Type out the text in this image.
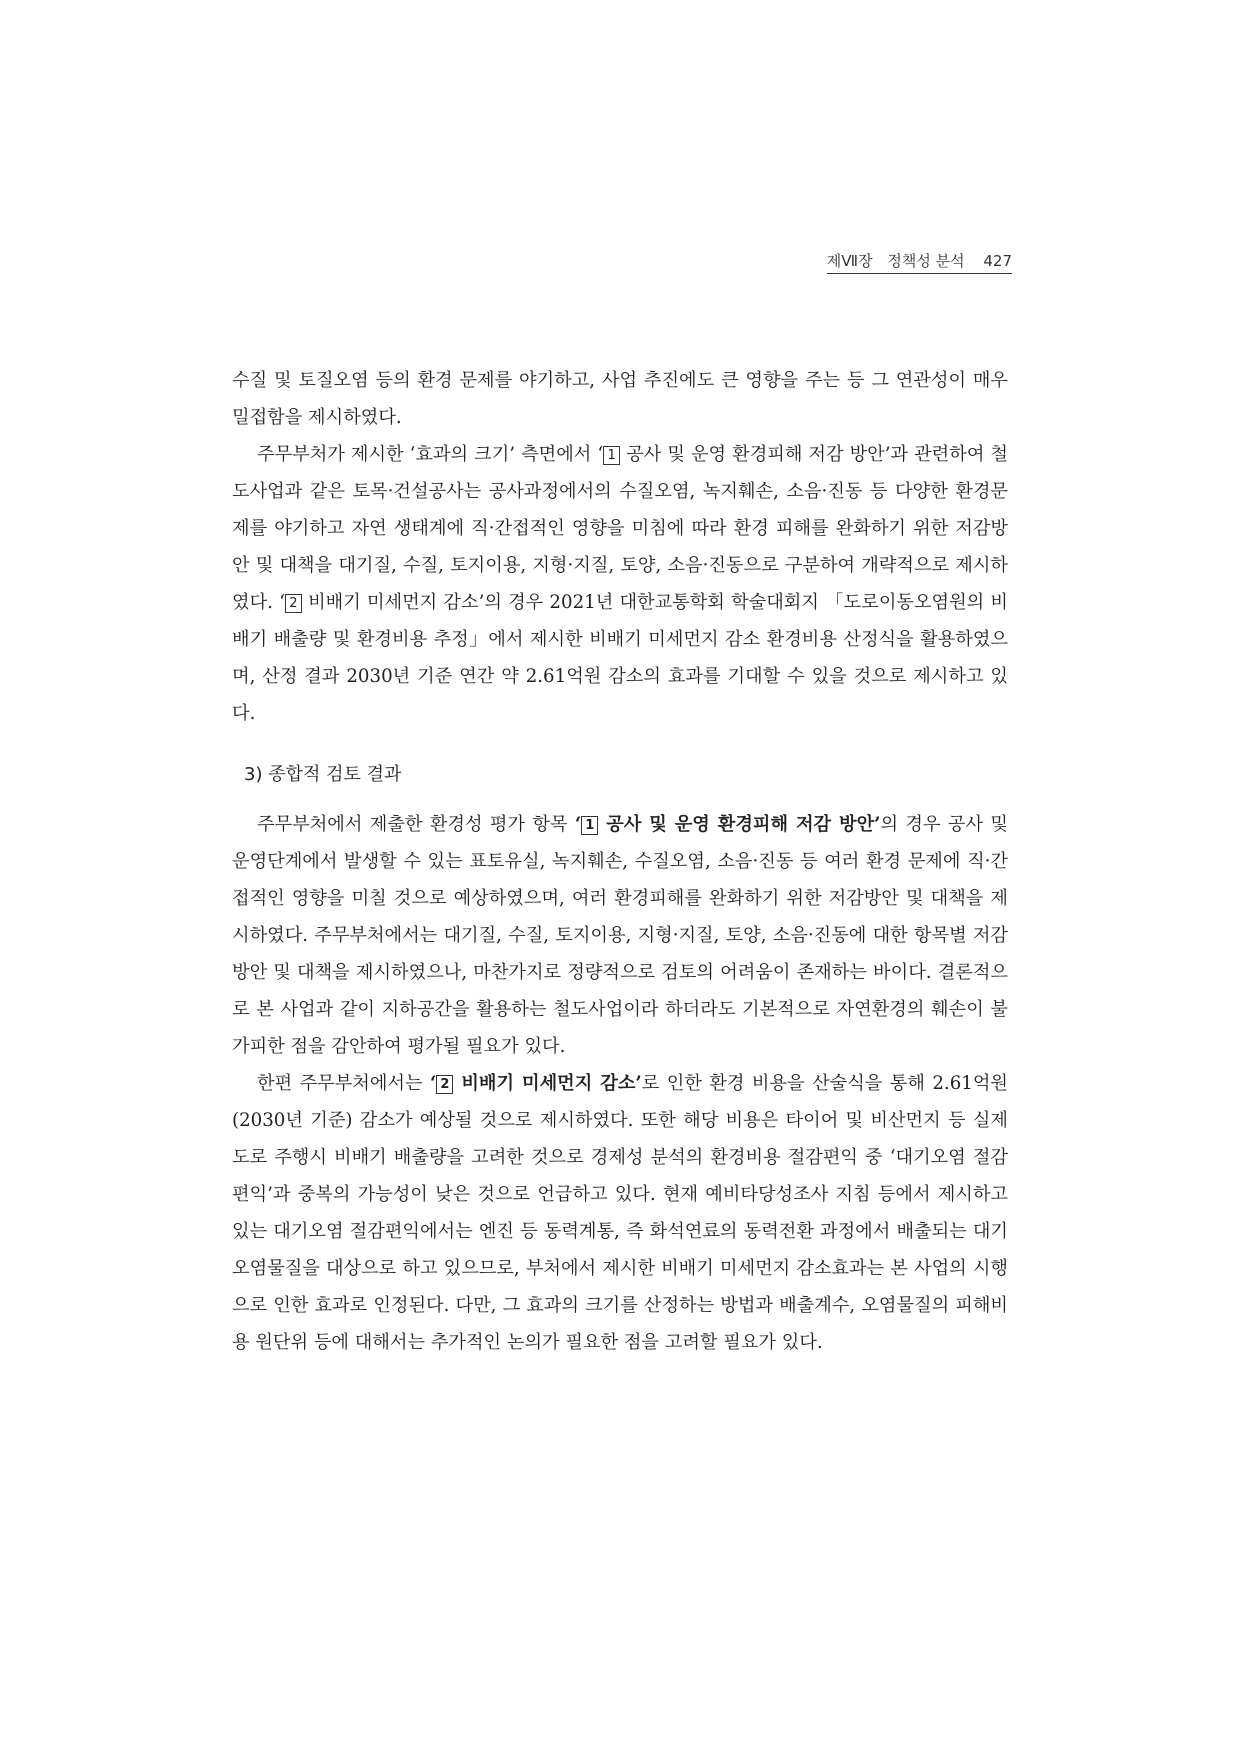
제Ⅶ장 정책성 분석 427

수질 및 토질오염 등의 환경 문제를 야기하고, 사업 추진에도 큰 영향을 주는 등 그 연관성이 매우 밀접함을 제시하였다.

주무부처가 제시한 ‘효과의 크기’ 측면에서 ‘ 1 공사 및 운영 환경피해 저감 방안’과 관련하여 철도사업과 같은 토목·건설공사는 공사과정에서의 수질오염, 녹지훼손, 소음·진동 등 다양한 환경문제를 야기하고 자연 생태계에 직·간접적인 영향을 미침에 따라 환경 피해를 완화하기 위한 저감방안 및 대책을 대기질, 수질, 토지이용, 지형·지질, 토양, 소음·진동으로 구분하여 개략적으로 제시하였다. ‘ 2 비배기 미세먼지 감소’의 경우 2021년 대한교통학회 학술대회지 「도로이동오염원의 비배기 배출량 및 환경비용 추정」에서 제시한 비배기 미세먼지 감소 환경비용 산정식을 활용하였으며, 산정 결과 2030년 기준 연간 약 2.61억원 감소의 효과를 기대할 수 있을 것으로 제시하고 있다.

3) 종합적 검토 결과

주무부처에서 제출한 환경성 평가 항목 ‘ 1 공사 및 운영 환경피해 저감 방안’의 경우 공사 및 운영단계에서 발생할 수 있는 표토유실, 녹지훼손, 수질오염, 소음·진동 등 여러 환경 문제에 직·간접적인 영향을 미칠 것으로 예상하였으며, 여러 환경피해를 완화하기 위한 저감방안 및 대책을 제시하였다. 주무부처에서는 대기질, 수질, 토지이용, 지형·지질, 토양, 소음·진동에 대한 항목별 저감 방안 및 대책을 제시하였으나, 마찬가지로 정량적으로 검토의 어려움이 존재하는 바이다. 결론적으로 본 사업과 같이 지하공간을 활용하는 철도사업이라 하더라도 기본적으로 자연환경의 훼손이 불가피한 점을 감안하여 평가될 필요가 있다.

한편 주무부처에서는 ‘ 2 비배기 미세먼지 감소’로 인한 환경 비용을 산술식을 통해 2.61억원(2030년 기준) 감소가 예상될 것으로 제시하였다. 또한 해당 비용은 타이어 및 비산먼지 등 실제 도로 주행시 비배기 배출량을 고려한 것으로 경제성 분석의 환경비용 절감편익 중 ‘대기오염 절감편익’과 중복의 가능성이 낮은 것으로 언급하고 있다. 현재 예비타당성조사 지침 등에서 제시하고 있는 대기오염 절감편익에서는 엔진 등 동력계통, 즉 화석연료의 동력전환 과정에서 배출되는 대기오염물질을 대상으로 하고 있으므로, 부처에서 제시한 비배기 미세먼지 감소효과는 본 사업의 시행으로 인한 효과로 인정된다. 다만, 그 효과의 크기를 산정하는 방법과 배출계수, 오염물질의 피해비용 원단위 등에 대해서는 추가적인 논의가 필요한 점을 고려할 필요가 있다.
